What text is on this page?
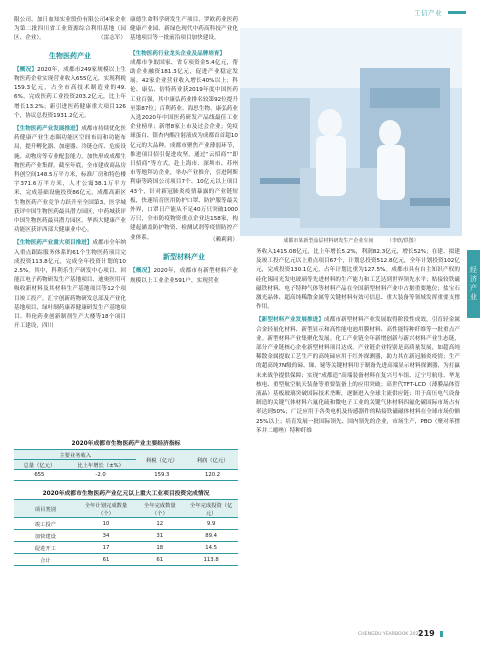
工信产业
经济产业

限公司、加日血知实业股份有限公司4家企业为第二批四川省工业资源综合利用基地（园区、企业）。	（雷志军）

生物医药产业

【概况】2020年，成都市249家规模以上生物医药企业实现营业收入655亿元，实现利税159.3亿元，占全市高技术制造业的49.6%，完成医药工业投资203.2亿元，比上年增长13.2%；新引进医药健康重大项目126个，协议总投资1931.2亿元。

【生物医药产业发展推进】成都市持续优化医药健康产业生态圈功能区空间布局和功能布局，提升孵化器、加速器、冷链仓库、危废设施、动物房等专业配套能力，加快形成成都生物医药产业集群。截至年底，全市建成商品房科创空间148.5万平方米，标准厂房和特色楼宇371.6万平方米，人才公寓38.1万平方米，完成基础设施投资86亿元。成都高新区生物医药产业竞争力跃升至全国第3，医学城获评中国生物医药最具潜力园区，中药城获评中国生物医药最具潜力园区，华西大健康产业功能区获评西部大健康业中心。

【生物医药产业重大项目推进】成都市全年纳入重点跟踪服务体系的61个生物医药项目完成投资113.8亿元，完成全年投资计划的102.5%。其中，科利乐生产研发中心项目、回能江电子药物研发生产基地项目、迪奥医用可吸收新材料及其材料生产基地项目等12个项目竣工投产，汇宇创新药物研发总部及产业化基地项目、绿叶制药康养健康研发生产基地项目、科伦药业创新制剂生产大楼等18个项目开工建设，四川

康德生命科学研发生产项目、罗欧药业医药健康产业园、新绿色现代中药高科技产业化基地项目等一批前沿项目加快建设。

【生物医药行业龙头企业及品牌培育】

成都市争取国家、省专项资金5.4亿元，帮助企业融资181.3亿元，促进产业稳定发展。42家企业营业收入增长40%以上；科伦、康弘、倍特药业获2019年度中国医药工业百强，其中康弘药业排名较第92位提升至第87位；百利药业、海思生物、康弘药业入选2020年中国医药研发产品线最佳工业企业榜单；新增8家上市及过会企业；免疫球蛋白、银杏内酯注射液成为成都首首超10亿元的大品种。成都市聚焦产业薄弱环节，推进项目招引促进攻坚，通过“云招商”“即日招商”等方式，赴上海市、深圳市、苏州市等地拜访企业，举办产业推介，引进阿斯利康等跨国公司项目7个、10亿元以上项目43个，针对新冠肺炎疫情暴露的产业链短板，快速培育医用防护口罩、防护服等最关外界，口罩日产能从不足40万只突破1000万只，全市防疫物资重点企业达158家，构建起涵盖防护物资、检测试剂等疫情防控产业体系。	（赖莉莉）

新型材料产业

【概况】2020年，成都市有新型材料产业规模以上工业企业591户，实现营业

成都市某新型涂层材料研发生产企业车间	（李欣/供图）

务收入1415.08亿元，比上年增长5.2%，利润82.3亿元，增长52%；在建、拟建及竣工投产亿元以上重点项目67个，计划总投资512.8亿元，全年计划投资102亿元，完成投资130.1亿元，占年计划比重为127.5%。成都市具有自主知识产权的硅化锡同光发电玻璃等先进材料的生产能力和工艺达到世界领先水平；贴接较铁磁磁铁材料、电子特种气体等材料产品在全国新型材料产业中占据重要地位；盐宝石激光晶体、超高纯稀散金属等关键材料有效可信息、重大装备等领域发挥重要支撑作用。

【新型材料产业发展推进】成都市新型材料产业发展取得阶段性成效，引育轻金属合金轻量化材料、新型显示和高性能电池用膜材料、高性能特种纤维等一批重点产业。新型材料产业集聚化发展。化工产业链全年新增创新与新兴材料产业生态链，部分产业链核心企业新型材料项目达成。产业链企业特别是高质量发展，如超高纯稀散金属提取工艺生产的高纯碲应用于红外探测器，助力其在新冠肺炎疫情；生产的超高纯7N级的碲、锑、铋等关键材料用于制备先进高端显示材料探测器，为打赢未来战争提供保障；实现“成都造”高端装备材料在复兴号车组、辽宁号航母、华龙核电、重型航空航天装备等重要装备上的应用突破；高世代TFT-LCD（薄膜晶体管液晶）基板玻璃突破国际技术垄断，逐渐进入全球主流供应链；用于高压电气设备制造的关键气体材料六氟化硫和微电子工业的关键气体材料四氟化碳国际市场占有率达到50%；广泛应用于各类电机及传感器件的粘接铁磁磁体材料在全球市场份额25%以上；培育发展一批国际领先、国内领先的企业，市场生产，PBO（聚对苯撑苯并二噁唑）特种纤维

2020年成都市生物医药产业主要经济指标
主要业务收入		利税（亿元）	利润（亿元）
总量（亿元）	比上年增长（±%）		
655	-2.0	159.3	120.2
2020年成都市生物医药产业亿元以上重大工业项目投资完成情况
项目类别	全年计划完成数量（个）	全年完成数量（个）	全年完成投资（亿元）
竣工投产	10	12	9.9
加快建设	34	31	89.4
促进开工	17	18	14.5
合计	61	61	113.8
CHENGDU YEARBOOK 2021
219
